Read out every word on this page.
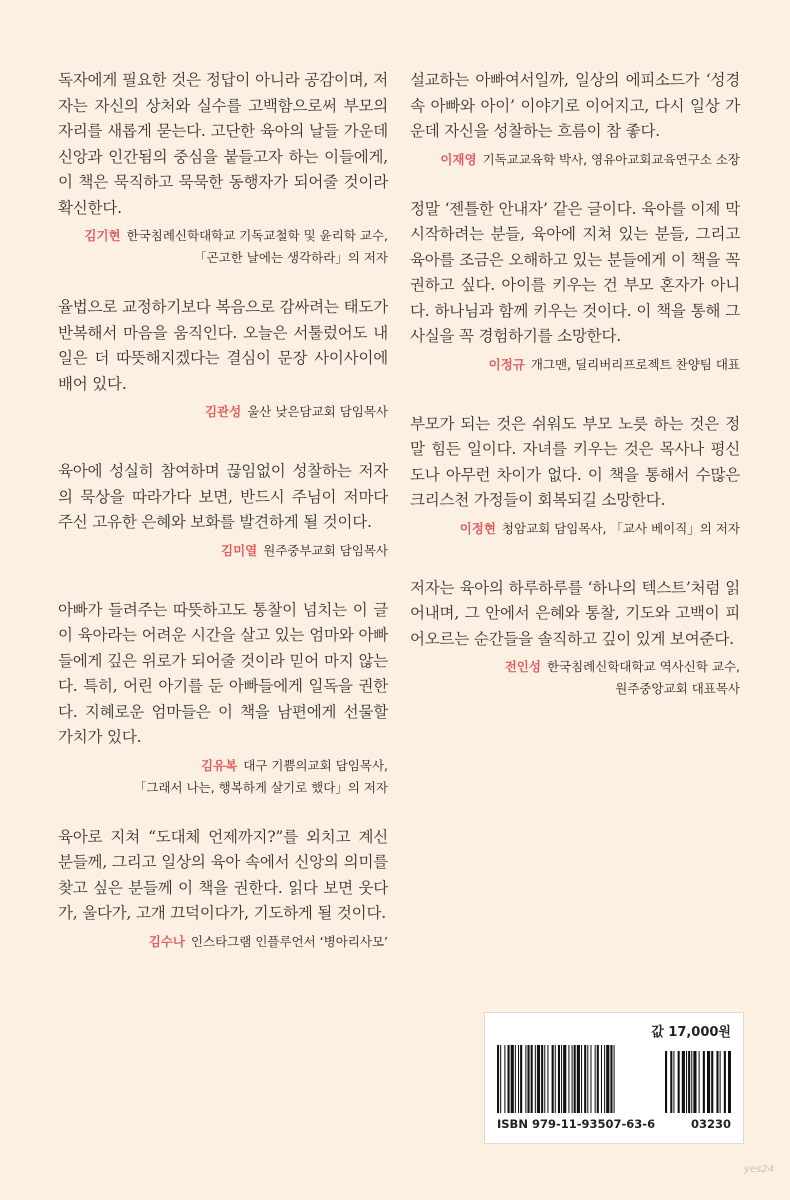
독자에게 필요한 것은 정답이 아니라 공감이며, 저자는 자신의 상처와 실수를 고백함으로써 부모의 자리를 새롭게 묻는다. 고단한 육아의 날들 가운데 신앙과 인간됨의 중심을 붙들고자 하는 이들에게, 이 책은 묵직하고 묵묵한 동행자가 되어줄 것이라 확신한다.

김기현 한국침례신학대학교 기독교철학 및 윤리학 교수,
「곤고한 날에는 생각하라」의 저자

율법으로 교정하기보다 복음으로 감싸려는 태도가 반복해서 마음을 움직인다. 오늘은 서툴렀어도 내일은 더 따뜻해지겠다는 결심이 문장 사이사이에 배어 있다.

김관성 울산 낮은담교회 담임목사

육아에 성실히 참여하며 끊임없이 성찰하는 저자의 묵상을 따라가다 보면, 반드시 주님이 저마다 주신 고유한 은혜와 보화를 발견하게 될 것이다.

김미열 원주중부교회 담임목사

아빠가 들려주는 따뜻하고도 통찰이 넘치는 이 글이 육아라는 어려운 시간을 살고 있는 엄마와 아빠들에게 깊은 위로가 되어줄 것이라 믿어 마지 않는다. 특히, 어린 아기를 둔 아빠들에게 일독을 권한다. 지혜로운 엄마들은 이 책을 남편에게 선물할 가치가 있다.

김유복 대구 기쁨의교회 담임목사,
「그래서 나는, 행복하게 살기로 했다」의 저자

육아로 지쳐 “도대체 언제까지?”를 외치고 계신 분들께, 그리고 일상의 육아 속에서 신앙의 의미를 찾고 싶은 분들께 이 책을 권한다. 읽다 보면 웃다가, 울다가, 고개 끄덕이다가, 기도하게 될 것이다.

김수나 인스타그램 인플루언서 ‘병아리사모’

설교하는 아빠여서일까, 일상의 에피소드가 ‘성경 속 아빠와 아이’ 이야기로 이어지고, 다시 일상 가운데 자신을 성찰하는 흐름이 참 좋다.

이재영 기독교교육학 박사, 영유아교회교육연구소 소장

정말 ‘젠틀한 안내자’ 같은 글이다. 육아를 이제 막 시작하려는 분들, 육아에 지쳐 있는 분들, 그리고 육아를 조금은 오해하고 있는 분들에게 이 책을 꼭 권하고 싶다. 아이를 키우는 건 부모 혼자가 아니다. 하나님과 함께 키우는 것이다. 이 책을 통해 그 사실을 꼭 경험하기를 소망한다.

이정규 개그맨, 딜리버리프로젝트 찬양팀 대표

부모가 되는 것은 쉬워도 부모 노릇 하는 것은 정말 힘든 일이다. 자녀를 키우는 것은 목사나 평신도나 아무런 차이가 없다. 이 책을 통해서 수많은 크리스천 가정들이 회복되길 소망한다.

이정현 청암교회 담임목사, 「교사 베이직」의 저자

저자는 육아의 하루하루를 ‘하나의 텍스트’처럼 읽어내며, 그 안에서 은혜와 통찰, 기도와 고백이 피어오르는 순간들을 솔직하고 깊이 있게 보여준다.

전인성 한국침례신학대학교 역사신학 교수,
원주중앙교회 대표목사
값 17,000원
ISBN 979-11-93507-63-6	03230
yes24
